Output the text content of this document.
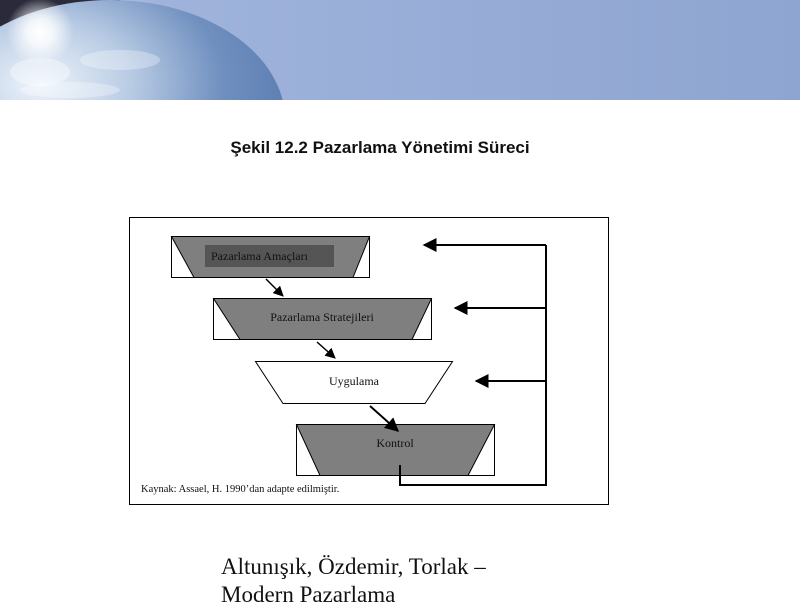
Şekil 12.2 Pazarlama Yönetimi Süreci
Pazarlama Amaçları
Pazarlama Stratejileri
Uygulama
Kontrol
Kaynak: Assael, H. 1990’dan adapte edilmiştir.
Altunışık, Özdemir, Torlak –
Modern Pazarlama
